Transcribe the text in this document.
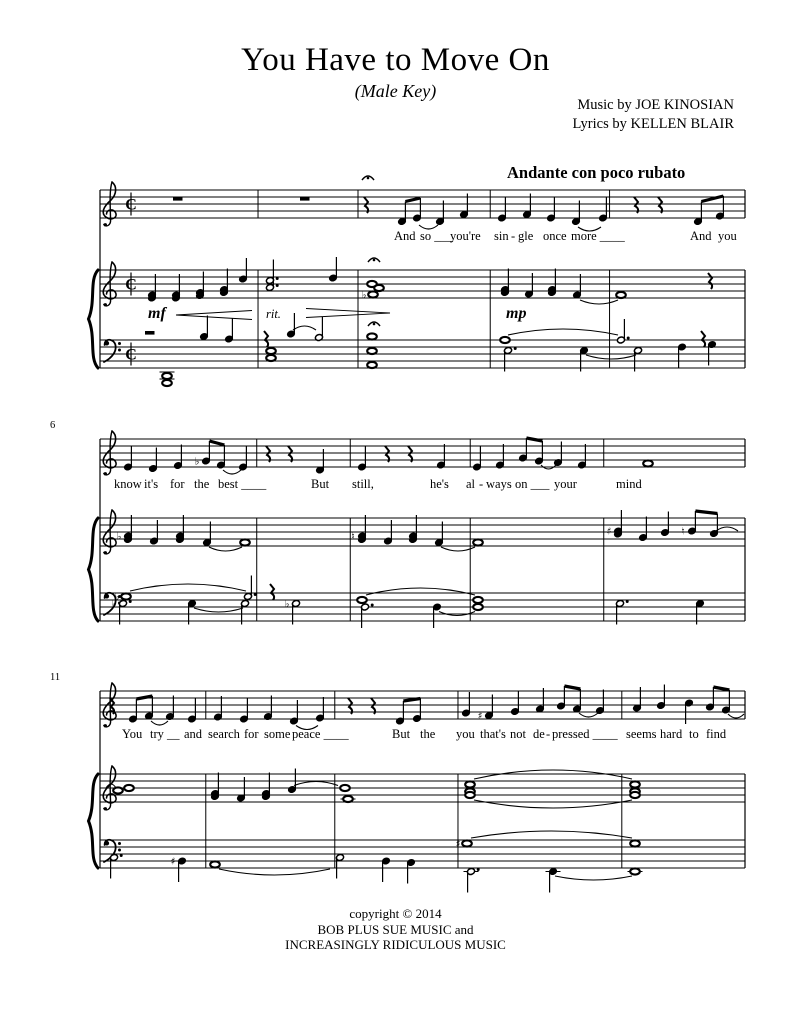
You Have to Move On
(Male Key)
Music by JOE KINOSIAN
Lyrics by KELLEN BLAIR
Andante con poco rubato
C
C
C
♭
And so ___
you're sin - gle once more ____	And you
mf	rit.	mp
6
♭
♭	♮	♯	♮
♭
♭	♭
know it's for the best ____	But still,	he's al - ways on ___ your	mind
11
♯
♯
♯
You try __ and search for some peace ____	But the you that's not de - pressed ____ seems hard to find
copyright © 2014
BOB PLUS SUE MUSIC and
INCREASINGLY RIDICULOUS MUSIC
